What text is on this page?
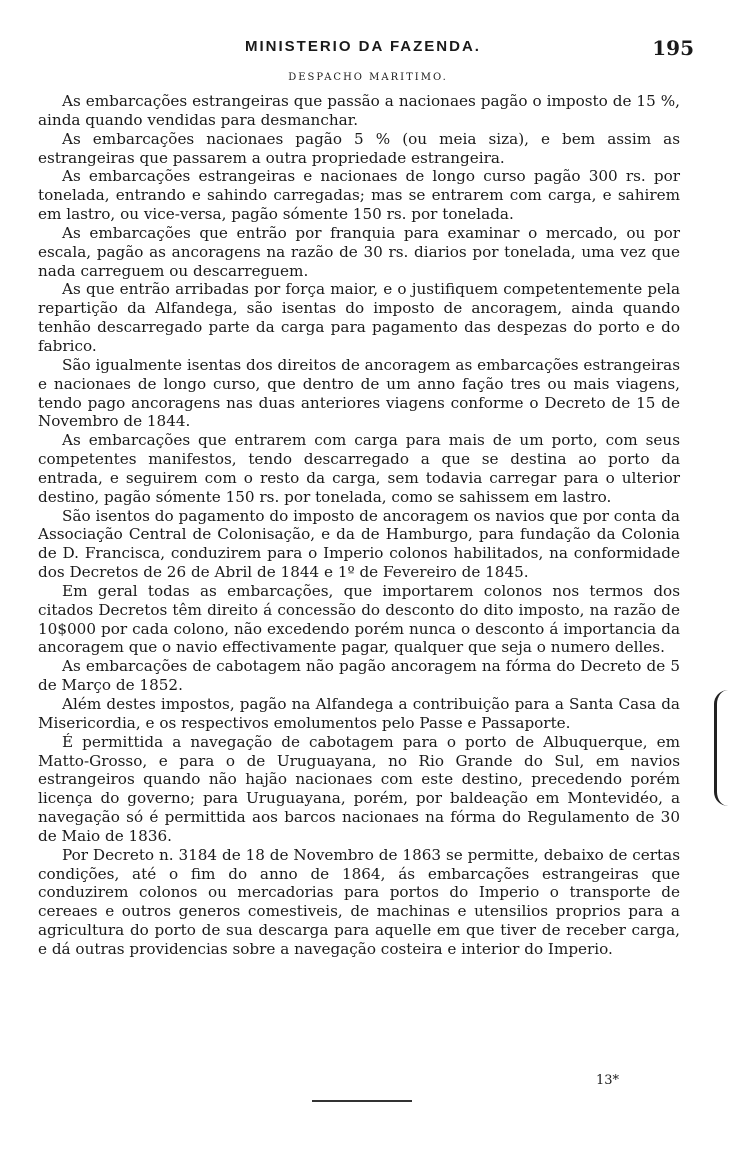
MINISTERIO DA FAZENDA.	195
DESPACHO MARITIMO.

As embarcações estrangeiras que passão a nacionaes pagão o imposto de 15 %, ainda quando vendidas para desmanchar.

As embarcações nacionaes pagão 5 % (ou meia siza), e bem assim as estrangeiras que passarem a outra propriedade estrangeira.

As embarcações estrangeiras e nacionaes de longo curso pagão 300 rs. por tonelada, entrando e sahindo carregadas; mas se entrarem com carga, e sahirem em lastro, ou vice-versa, pagão sómente 150 rs. por tonelada.

As embarcações que entrão por franquia para examinar o mercado, ou por escala, pagão as ancoragens na razão de 30 rs. diarios por tonelada, uma vez que nada carreguem ou descarreguem.

As que entrão arribadas por força maior, e o justifiquem competentemente pela repartição da Alfandega, são isentas do imposto de ancoragem, ainda quando tenhão descarregado parte da carga para pagamento das despezas do porto e do fabrico.

São igualmente isentas dos direitos de ancoragem as embarcações estrangeiras e nacionaes de longo curso, que dentro de um anno fação tres ou mais viagens, tendo pago ancoragens nas duas anteriores viagens conforme o Decreto de 15 de Novembro de 1844.

As embarcações que entrarem com carga para mais de um porto, com seus competentes manifestos, tendo descarregado a que se destina ao porto da entrada, e seguirem com o resto da carga, sem todavia carregar para o ulterior destino, pagão sómente 150 rs. por tonelada, como se sahissem em lastro.

São isentos do pagamento do imposto de ancoragem os navios que por conta da Associação Central de Colonisação, e da de Hamburgo, para fundação da Colonia de D. Francisca, conduzirem para o Imperio colonos habilitados, na conformidade dos Decretos de 26 de Abril de 1844 e 1º de Fevereiro de 1845.

Em geral todas as embarcações, que importarem colonos nos termos dos citados Decretos têm direito á concessão do desconto do dito imposto, na razão de 10$000 por cada colono, não excedendo porém nunca o desconto á importancia da ancoragem que o navio effectivamente pagar, qualquer que seja o numero delles.

As embarcações de cabotagem não pagão ancoragem na fórma do Decreto de 5 de Março de 1852.

Além destes impostos, pagão na Alfandega a contribuição para a Santa Casa da Misericordia, e os respectivos emolumentos pelo Passe e Passaporte.

É permittida a navegação de cabotagem para o porto de Albuquerque, em Matto-Grosso, e para o de Uruguayana, no Rio Grande do Sul, em navios estrangeiros quando não hajão nacionaes com este destino, precedendo porém licença do governo; para Uruguayana, porém, por baldeação em Montevidéo, a navegação só é permittida aos barcos nacionaes na fórma do Regulamento de 30 de Maio de 1836.

Por Decreto n. 3184 de 18 de Novembro de 1863 se permitte, debaixo de certas condições, até o fim do anno de 1864, ás embarcações estrangeiras que conduzirem colonos ou mercadorias para portos do Imperio o transporte de cereaes e outros generos comestiveis, de machinas e utensilios proprios para a agricultura do porto de sua descarga para aquelle em que tiver de receber carga, e dá outras providencias sobre a navegação costeira e interior do Imperio.

13*
